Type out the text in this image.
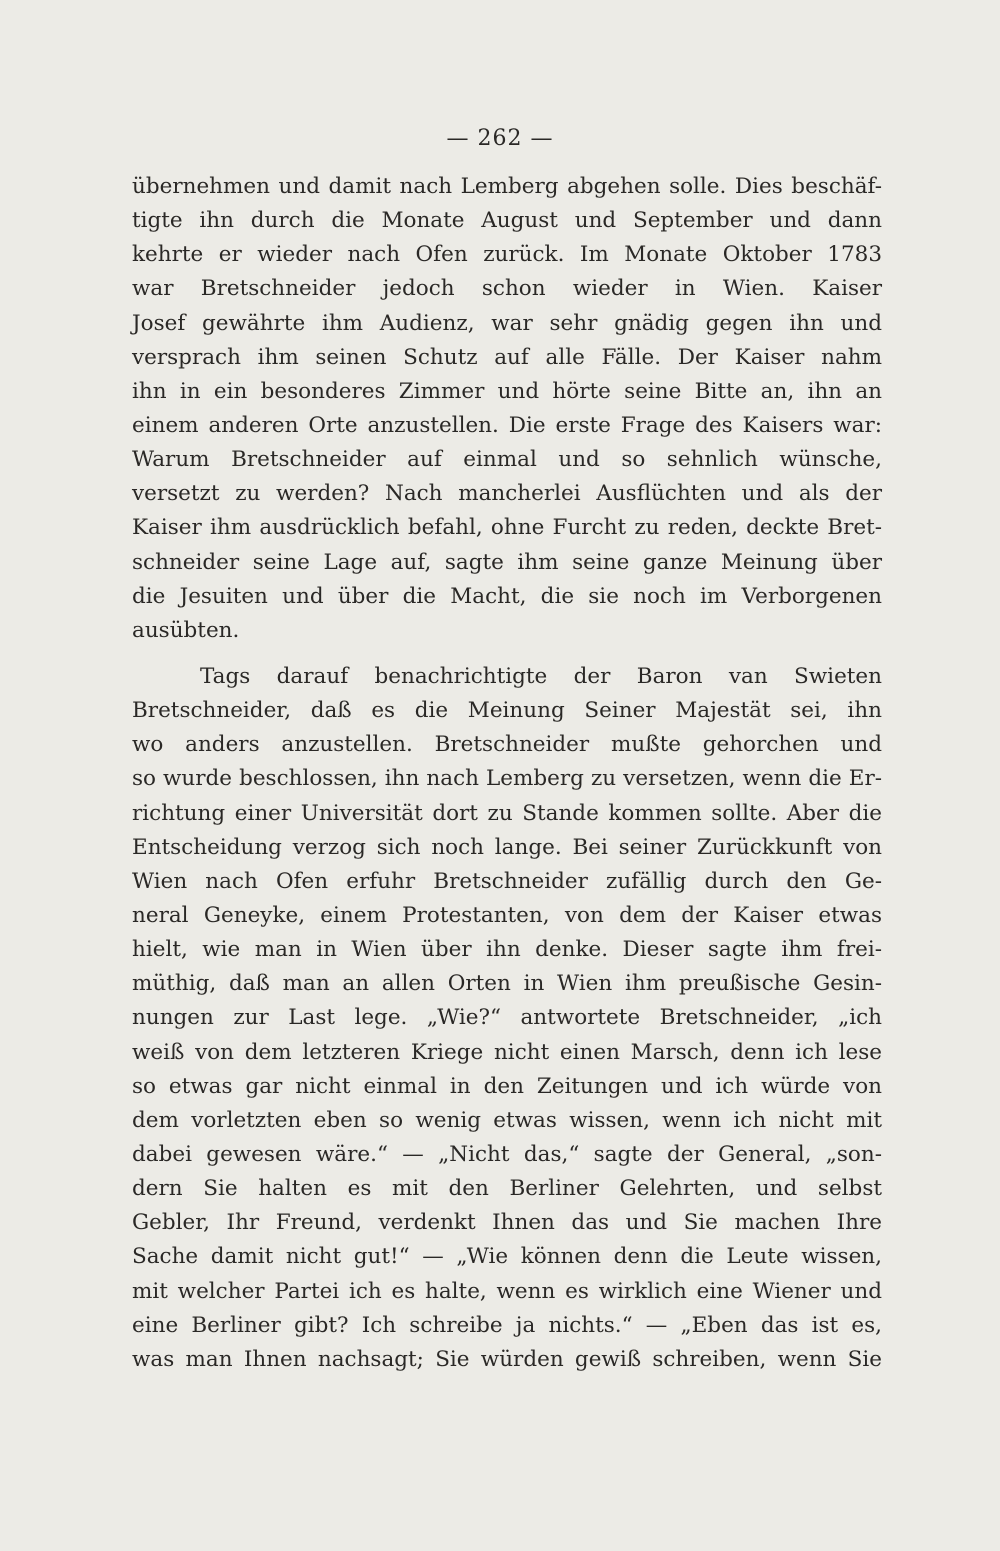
— 262 —
übernehmen und damit nach Lemberg abgehen solle. Dies beschäf-
tigte ihn durch die Monate August und September und dann
kehrte er wieder nach Ofen zurück. Im Monate Oktober 1783
war Bretschneider jedoch schon wieder in Wien. Kaiser
Josef gewährte ihm Audienz, war sehr gnädig gegen ihn und
versprach ihm seinen Schutz auf alle Fälle. Der Kaiser nahm
ihn in ein besonderes Zimmer und hörte seine Bitte an, ihn an
einem anderen Orte anzustellen. Die erste Frage des Kaisers war:
Warum Bretschneider auf einmal und so sehnlich wünsche,
versetzt zu werden? Nach mancherlei Ausflüchten und als der
Kaiser ihm ausdrücklich befahl, ohne Furcht zu reden, deckte Bret-
schneider seine Lage auf, sagte ihm seine ganze Meinung über
die Jesuiten und über die Macht, die sie noch im Verborgenen
ausübten.
Tags darauf benachrichtigte der Baron van Swieten
Bretschneider, daß es die Meinung Seiner Majestät sei, ihn
wo anders anzustellen. Bretschneider mußte gehorchen und
so wurde beschlossen, ihn nach Lemberg zu versetzen, wenn die Er-
richtung einer Universität dort zu Stande kommen sollte. Aber die
Entscheidung verzog sich noch lange. Bei seiner Zurückkunft von
Wien nach Ofen erfuhr Bretschneider zufällig durch den Ge-
neral Geneyke, einem Protestanten, von dem der Kaiser etwas
hielt, wie man in Wien über ihn denke. Dieser sagte ihm frei-
müthig, daß man an allen Orten in Wien ihm preußische Gesin-
nungen zur Last lege. „Wie?“ antwortete Bretschneider, „ich
weiß von dem letzteren Kriege nicht einen Marsch, denn ich lese
so etwas gar nicht einmal in den Zeitungen und ich würde von
dem vorletzten eben so wenig etwas wissen, wenn ich nicht mit
dabei gewesen wäre.“ — „Nicht das,“ sagte der General, „son-
dern Sie halten es mit den Berliner Gelehrten, und selbst
Gebler, Ihr Freund, verdenkt Ihnen das und Sie machen Ihre
Sache damit nicht gut!“ — „Wie können denn die Leute wissen,
mit welcher Partei ich es halte, wenn es wirklich eine Wiener und
eine Berliner gibt? Ich schreibe ja nichts.“ — „Eben das ist es,
was man Ihnen nachsagt; Sie würden gewiß schreiben, wenn Sie
